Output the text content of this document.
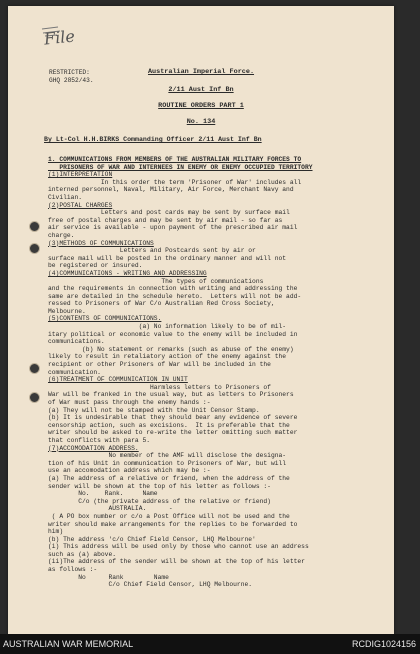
File
RESTRICTED:
GHQ 2852/43.
Australian Imperial Force.
2/11 Aust Inf Bn
ROUTINE ORDERS PART 1
No. 134
By Lt-Col H.H.BIRKS Commanding Officer 2/11 Aust Inf Bn

1. COMMUNICATIONS FROM MEMBERS OF THE AUSTRALIAN MILITARY FORCES TO

PRISONERS OF WAR AND INTERNEES IN ENEMY OR ENEMY OCCUPIED TERRITORY

(1)INTERPRETATION

In this order the term 'Prisoner of War' includes all

interned personnel, Naval, Military, Air Force, Merchant Navy and

Civilian.

(2)POSTAL CHARGES

Letters and post cards may be sent by surface mail

free of postal charges and may be sent by air mail - so far as

air service is available - upon payment of the prescribed air mail

charge.

(3)METHODS OF COMMUNICATIONS

Letters and Postcards sent by air or

surface mail will be posted in the ordinary manner and will not

be registered or insured.

(4)COMMUNICATIONS - WRITING AND ADDRESSING

The types of communications

and the requirements in connection with writing and addressing the

same are detailed in the schedule hereto.  Letters will not be add-

ressed to Prisoners of War C/o Australian Red Cross Society,

Melbourne.

(5)CONTENTS OF COMMUNICATIONS.

(a) No information likely to be of mil-

itary political or economic value to the enemy will be included in

communications.

(b) No statement or remarks (such as abuse of the enemy)

likely to result in retaliatory action of the enemy against the

recipient or other Prisoners of War will be included in the

communication.

(6)TREATMENT OF COMMUNICATION IN UNIT

Harmless letters to Prisoners of

War will be franked in the usual way, but as letters to Prisoners

of War must pass through the enemy hands :-

(a) They will not be stamped with the Unit Censor Stamp.

(b) It is undesirable that they should bear any evidence of severe

censorship action, such as excisions.  It is preferable that the

writer should be asked to re-write the letter omitting such matter

that conflicts with para 5.

(7)ACCOMODATION ADDRESS.

No member of the AMF will disclose the designa-

tion of his Unit in communication to Prisoners of War, but will

use an accomodation address which may be :-

(a) The address of a relative or friend, when the address of the

sender will be shown at the top of his letter as follows :-

No.    Rank.     Name

C/o (the private address of the relative or friend)

AUSTRALIA.      -

( A PO box number or c/o a Post Office will not be used and the

writer should make arrangements for the replies to be forwarded to

him)

(b) The address 'c/o Chief Field Censor, LHQ Melbourne'

(i) This address will be used only by those who cannot use an address

such as (a) above.

(ii)The address of the sender will be shown at the top of his letter

as follows :-

No      Rank        Name

C/o Chief Field Censor, LHQ Melbourne.

AUSTRALIAN WAR MEMORIAL	RCDIG1024156
